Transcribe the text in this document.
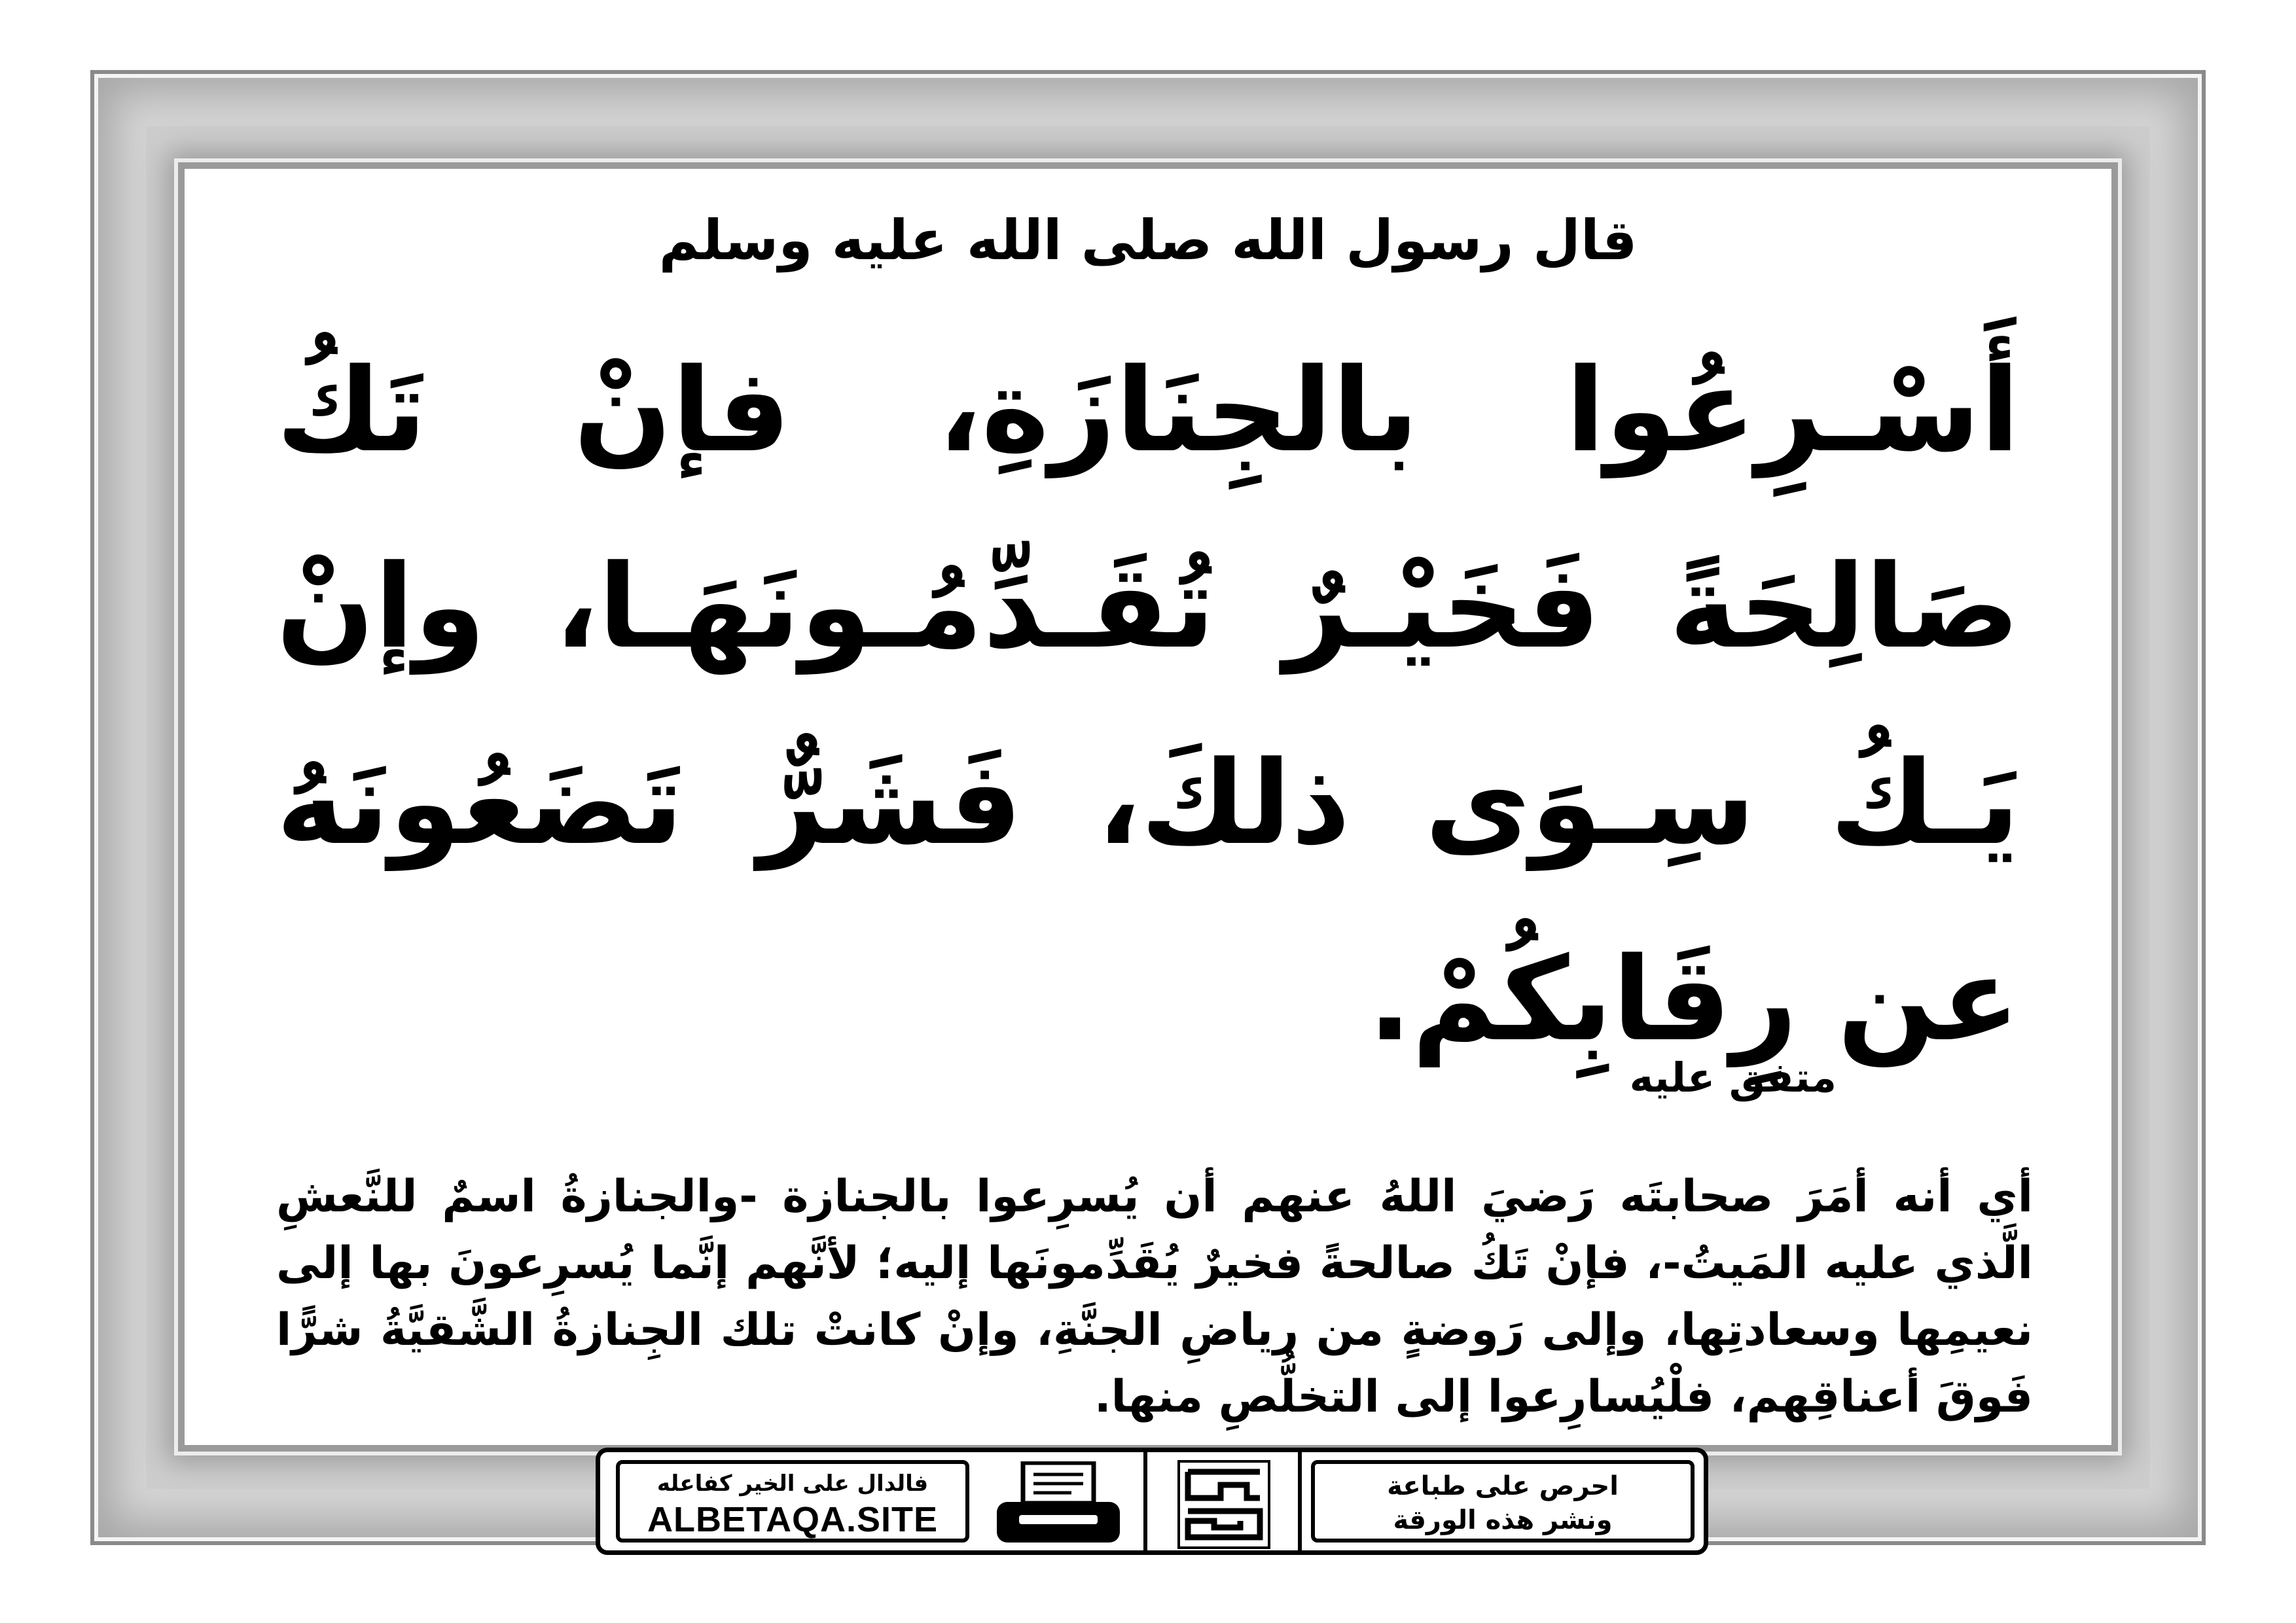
قال رسول الله صلى الله عليه وسلم
أَسْـرِعُوا بالجِنَازَةِ، فإنْ تَكُ صَالِحَةً فَخَيْـرٌ تُقَـدِّمُـونَهَـا، وإنْ يَـكُ سِـوَى ذلكَ، فَشَرٌّ تَضَعُونَهُ عن رِقَابِكُمْ.
متفق عليه
أي أنه أمَرَ صحابتَه رَضيَ اللهُ عنهم أن يُسرِعوا بالجنازة -والجنازةُ اسمٌ للنَّعشِ الَّذي عليه المَيتُ-، فإنْ تَكُ صالحةً فخيرٌ يُقَدِّمونَها إليه؛ لأنَّهم إنَّما يُسرِعونَ بها إلى نعيمِها وسعادتِها، وإلى رَوضةٍ من رياضِ الجنَّةِ، وإنْ كانتْ تلك الجِنازةُ الشَّقيَّةُ شرًّا فَوقَ أعناقِهم، فلْيُسارِعوا إلى التخلُّصِ منها.
فالدال على الخير كفاعله
ALBETAQA.SITE
احرص على طباعة
ونشر هذه الورقة
